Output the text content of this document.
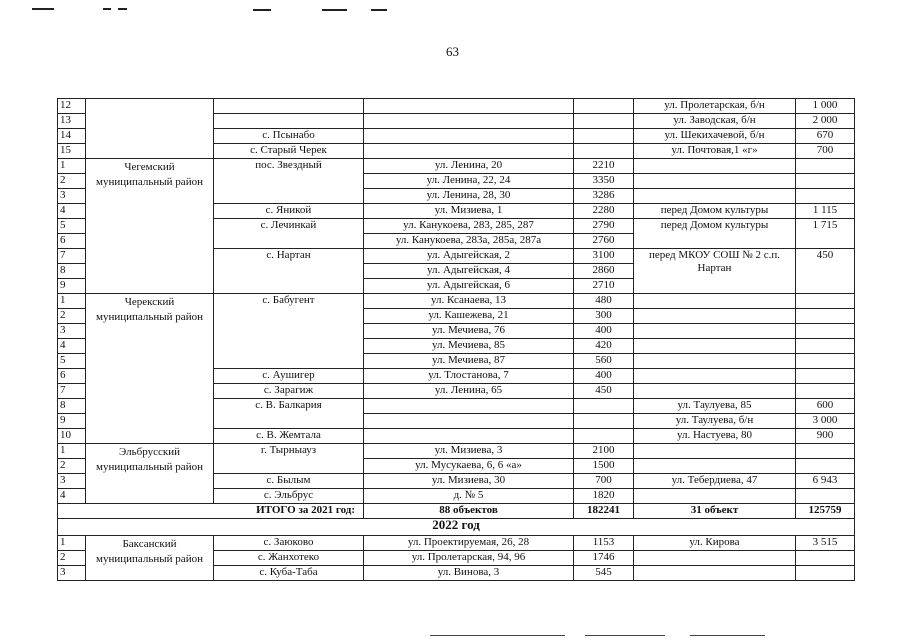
63
12					ул. Пролетарская, б/н	1 000
13					ул. Заводская, б/н	2 000
14		с. Псынабо			ул. Шекихачевой, б/н	670
15		с. Старый Черек			ул. Почтовая,1 «г»	700
1	Чегемский муниципальный район	пос. Звездный	ул. Ленина, 20	2210		
2			ул. Ленина, 22, 24	3350		
3			ул. Ленина, 28, 30	3286		
4		с. Яникой	ул. Мизиева, 1	2280	перед Домом культуры	1 115
5		с. Лечинкай	ул. Канукоева, 283, 285, 287	2790	перед Домом культуры	1 715
6			ул. Канукоева, 283а, 285а, 287а	2760		
7		с. Нартан	ул. Адыгейская, 2	3100	перед МКОУ СОШ № 2 с.п. Нартан	450
8			ул. Адыгейская, 4	2860		
9			ул. Адыгейская, 6	2710		
1	Черекский муниципальный район	с. Бабугент	ул. Ксанаева, 13	480		
2			ул. Кашежева, 21	300		
3			ул. Мечиева, 76	400		
4			ул. Мечиева, 85	420		
5			ул. Мечиева, 87	560		
6		с. Аушигер	ул. Тлостанова, 7	400		
7		с. Зарагиж	ул. Ленина, 65	450		
8		с. В. Балкария			ул. Таулуева, 85	600
9					ул. Таулуева, б/н	3 000
10		с. В. Жемтала			ул. Настуева, 80	900
1	Эльбрусский муниципальный район	г. Тырныауз	ул. Мизиева, 3	2100		
2			ул. Мусукаева, 6, 6 «а»	1500		
3		с. Былым	ул. Мизиева, 30	700	ул. Тебердиева, 47	6 943
4		с. Эльбрус	д. № 5	1820		
ИТОГО за 2021 год:			88 объектов	182241	31 объект	125759
2022 год						
1	Баксанский муниципальный район	с. Заюково	ул. Проектируемая, 26, 28	1153	ул. Кирова	3 515
2		с. Жанхотеко	ул. Пролетарская, 94, 96	1746		
3		с. Куба-Таба	ул. Винова, 3	545		
